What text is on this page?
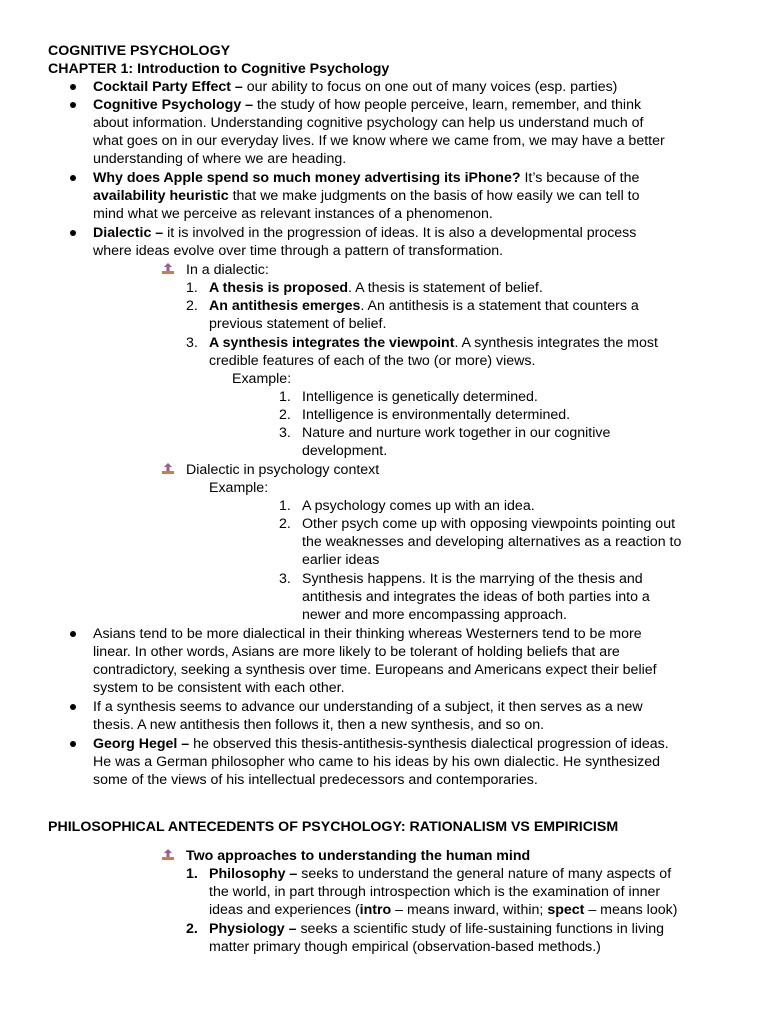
COGNITIVE PSYCHOLOGY
CHAPTER 1: Introduction to Cognitive Psychology
Cocktail Party Effect – our ability to focus on one out of many voices (esp. parties)
Cognitive Psychology – the study of how people perceive, learn, remember, and think
about information. Understanding cognitive psychology can help us understand much of
what goes on in our everyday lives. If we know where we came from, we may have a better
understanding of where we are heading.
Why does Apple spend so much money advertising its iPhone? It’s because of the
availability heuristic that we make judgments on the basis of how easily we can tell to
mind what we perceive as relevant instances of a phenomenon.
Dialectic – it is involved in the progression of ideas. It is also a developmental process
where ideas evolve over time through a pattern of transformation.
In a dialectic:
1. A thesis is proposed. A thesis is statement of belief.
2. An antithesis emerges. An antithesis is a statement that counters a
previous statement of belief.
3. A synthesis integrates the viewpoint. A synthesis integrates the most
credible features of each of the two (or more) views.
Example:
1. Intelligence is genetically determined.
2. Intelligence is environmentally determined.
3. Nature and nurture work together in our cognitive
development.
Dialectic in psychology context
Example:
1. A psychology comes up with an idea.
2. Other psych come up with opposing viewpoints pointing out
the weaknesses and developing alternatives as a reaction to
earlier ideas
3. Synthesis happens. It is the marrying of the thesis and
antithesis and integrates the ideas of both parties into a
newer and more encompassing approach.
Asians tend to be more dialectical in their thinking whereas Westerners tend to be more
linear. In other words, Asians are more likely to be tolerant of holding beliefs that are
contradictory, seeking a synthesis over time. Europeans and Americans expect their belief
system to be consistent with each other.
If a synthesis seems to advance our understanding of a subject, it then serves as a new
thesis. A new antithesis then follows it, then a new synthesis, and so on.
Georg Hegel – he observed this thesis-antithesis-synthesis dialectical progression of ideas.
He was a German philosopher who came to his ideas by his own dialectic. He synthesized
some of the views of his intellectual predecessors and contemporaries.
PHILOSOPHICAL ANTECEDENTS OF PSYCHOLOGY: RATIONALISM VS EMPIRICISM
Two approaches to understanding the human mind
1. Philosophy – seeks to understand the general nature of many aspects of
the world, in part through introspection which is the examination of inner
ideas and experiences (intro – means inward, within; spect – means look)
2. Physiology – seeks a scientific study of life-sustaining functions in living
matter primary though empirical (observation-based methods.)
